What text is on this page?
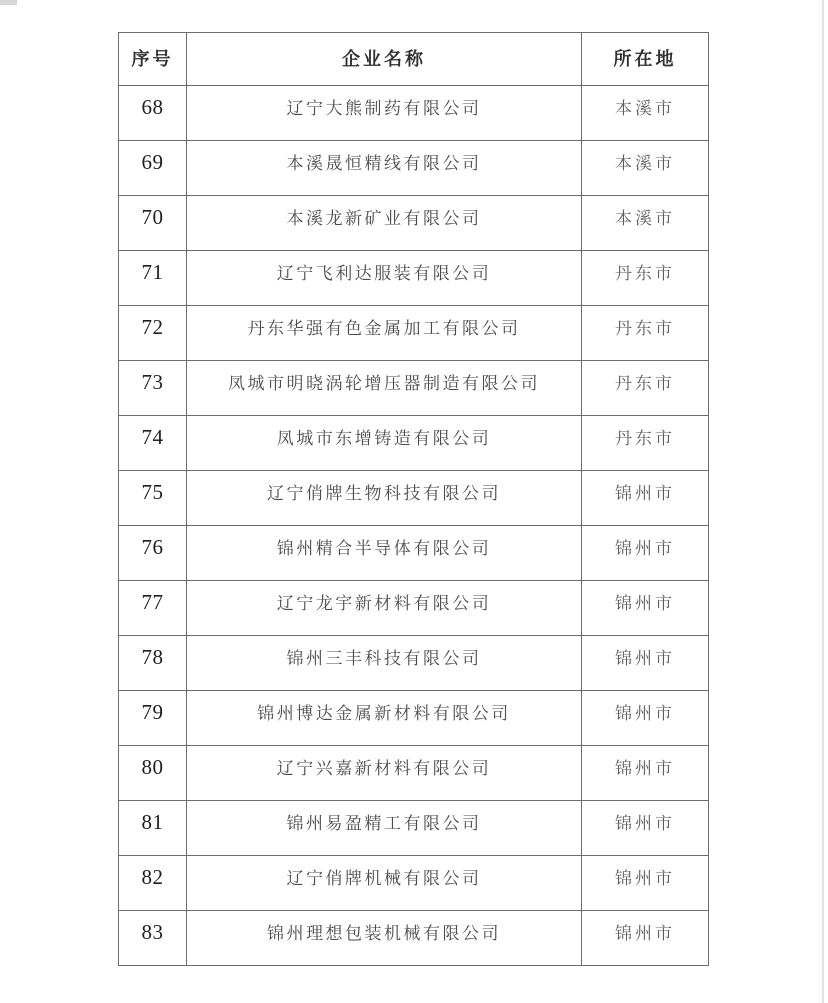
序号	企业名称	所在地
68	辽宁大熊制药有限公司	本溪市
69	本溪晟恒精线有限公司	本溪市
70	本溪龙新矿业有限公司	本溪市
71	辽宁飞利达服装有限公司	丹东市
72	丹东华强有色金属加工有限公司	丹东市
73	凤城市明晓涡轮增压器制造有限公司	丹东市
74	凤城市东增铸造有限公司	丹东市
75	辽宁俏牌生物科技有限公司	锦州市
76	锦州精合半导体有限公司	锦州市
77	辽宁龙宇新材料有限公司	锦州市
78	锦州三丰科技有限公司	锦州市
79	锦州博达金属新材料有限公司	锦州市
80	辽宁兴嘉新材料有限公司	锦州市
81	锦州易盈精工有限公司	锦州市
82	辽宁俏牌机械有限公司	锦州市
83	锦州理想包装机械有限公司	锦州市
